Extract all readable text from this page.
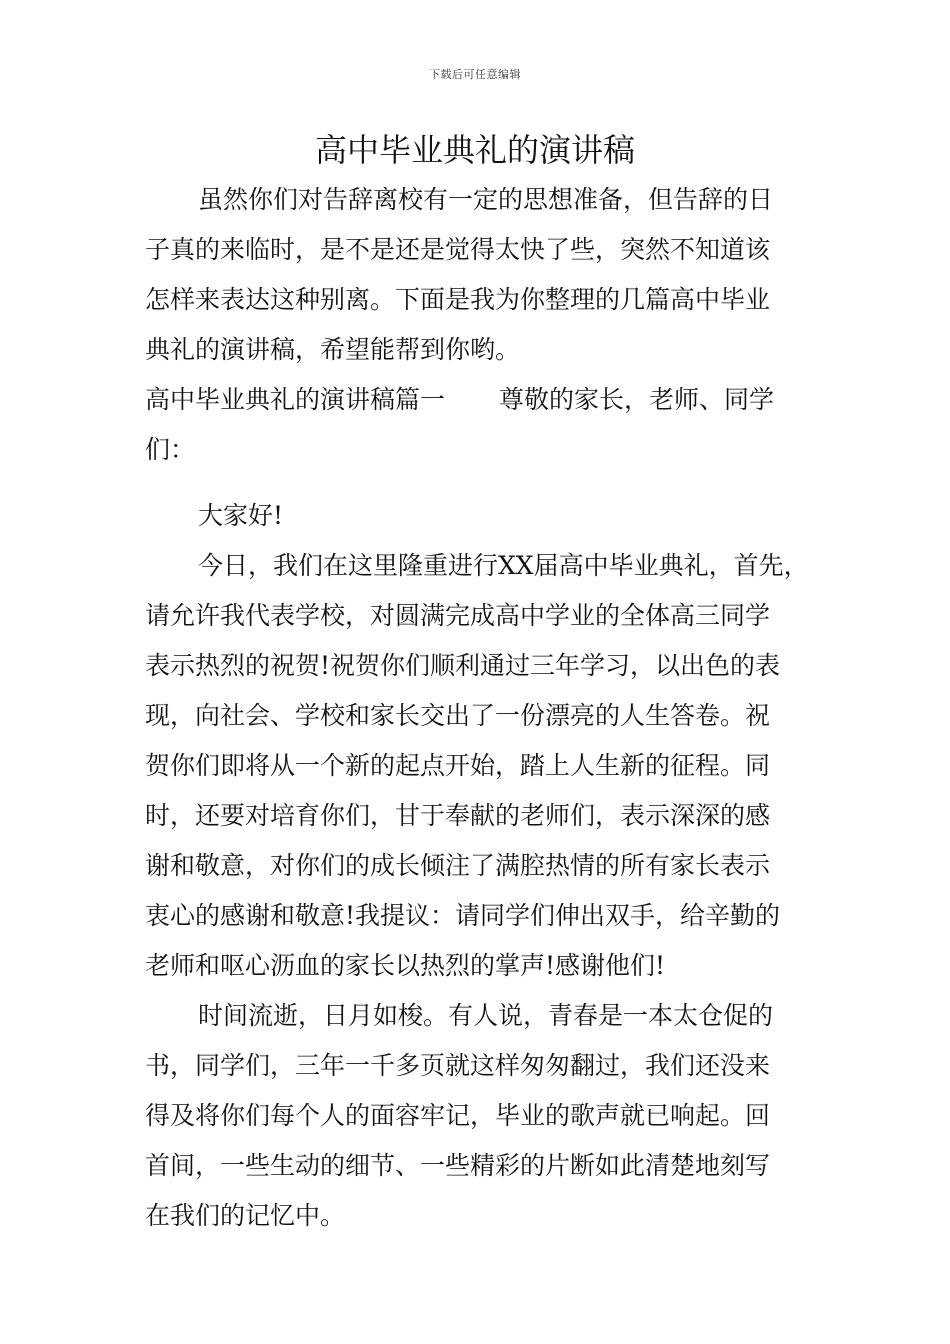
下载后可任意编辑
高中毕业典礼的演讲稿
虽然你们对告辞离校有一定的思想准备，但告辞的日
子真的来临时，是不是还是觉得太快了些，突然不知道该
怎样来表达这种别离。下面是我为你整理的几篇高中毕业
典礼的演讲稿，希望能帮到你哟。
高中毕业典礼的演讲稿篇一 尊敬的家长，老师、同学
们：
大家好!
今日，我们在这里隆重进行XX届高中毕业典礼，首先，
请允许我代表学校，对圆满完成高中学业的全体高三同学
表示热烈的祝贺!祝贺你们顺利通过三年学习，以出色的表
现，向社会、学校和家长交出了一份漂亮的人生答卷。祝
贺你们即将从一个新的起点开始，踏上人生新的征程。同
时，还要对培育你们，甘于奉献的老师们，表示深深的感
谢和敬意，对你们的成长倾注了满腔热情的所有家长表示
衷心的感谢和敬意!我提议：请同学们伸出双手，给辛勤的
老师和呕心沥血的家长以热烈的掌声!感谢他们!
时间流逝，日月如梭。有人说，青春是一本太仓促的
书，同学们，三年一千多页就这样匆匆翻过，我们还没来
得及将你们每个人的面容牢记，毕业的歌声就已响起。回
首间，一些生动的细节、一些精彩的片断如此清楚地刻写
在我们的记忆中。
